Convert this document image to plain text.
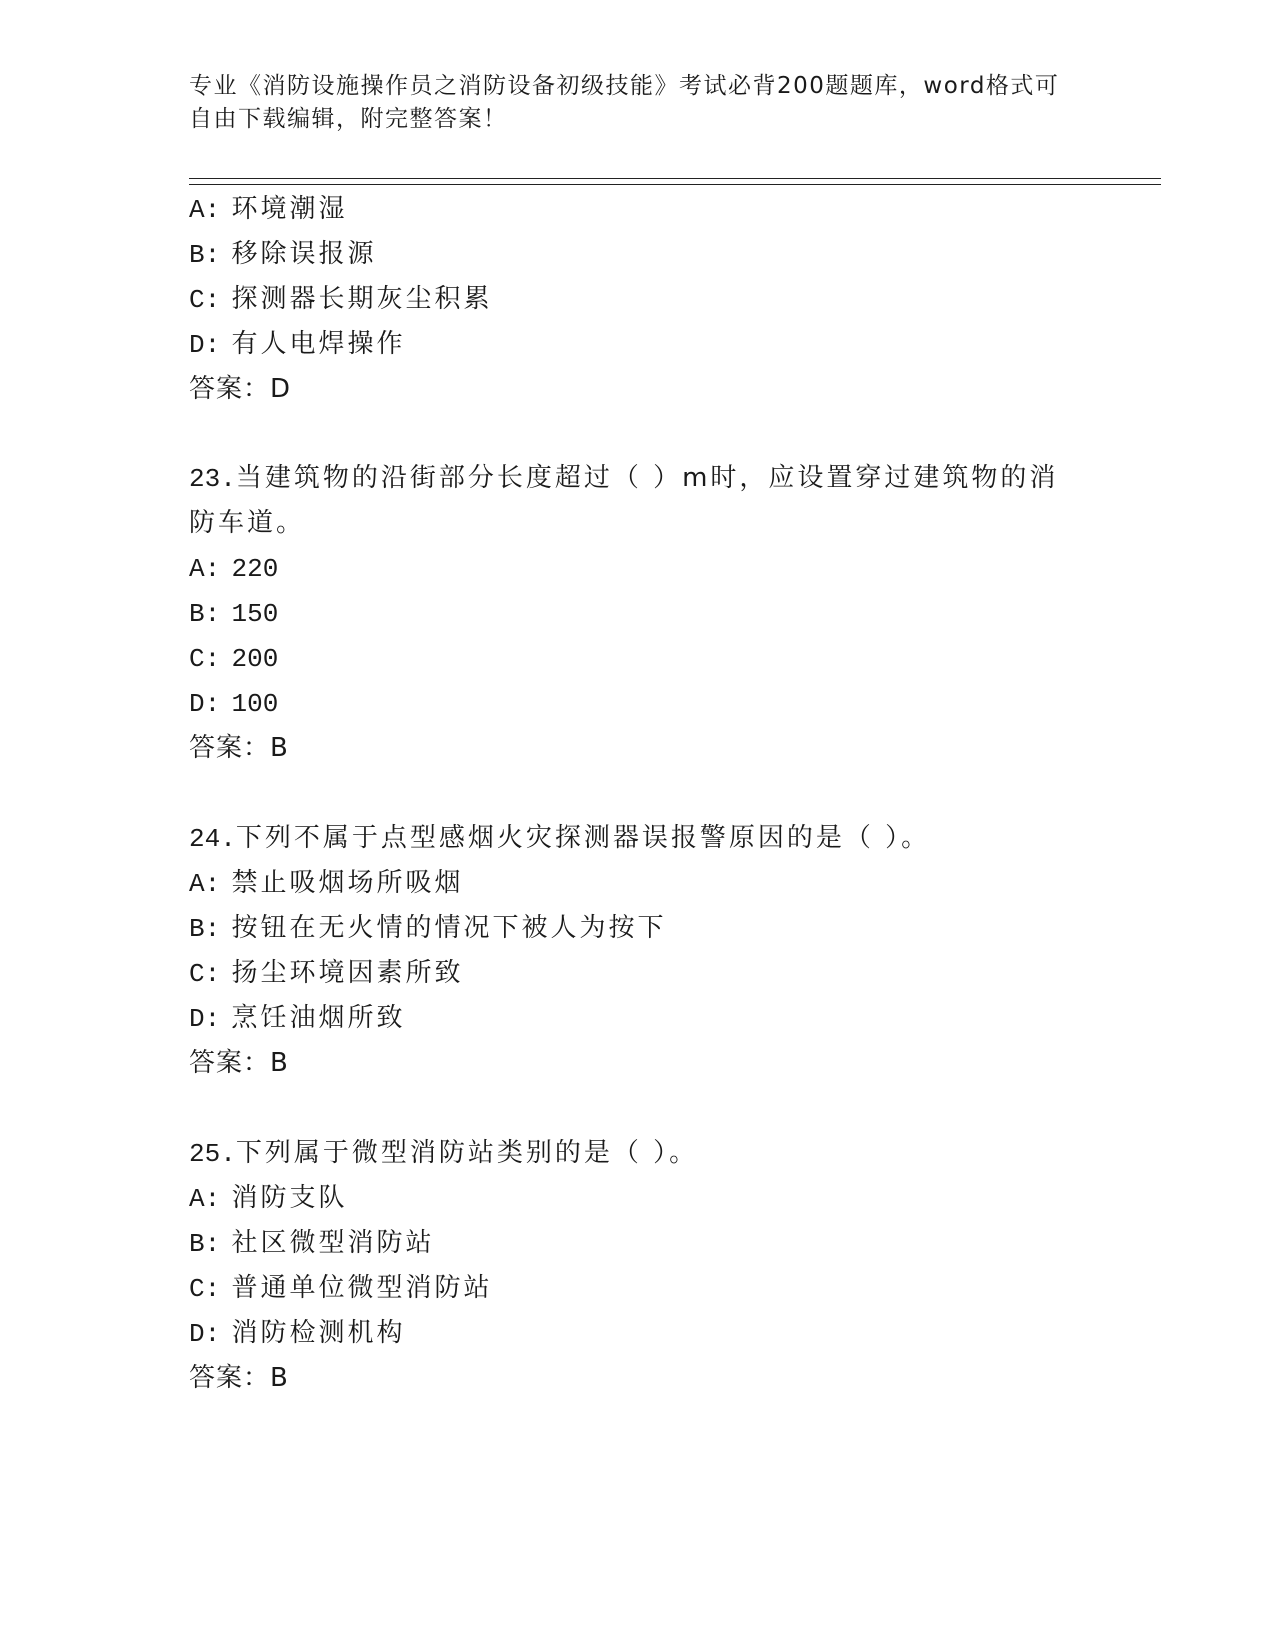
专业《消防设施操作员之消防设备初级技能》考试必背200题题库，word格式可

自由下载编辑，附完整答案！

A: 环境潮湿
B: 移除误报源
C: 探测器长期灰尘积累
D: 有人电焊操作
答案：D
23.当建筑物的沿街部分长度超过（ ）m时，应设置穿过建筑物的消
防车道。
A: 220
B: 150
C: 200
D: 100
答案：B
24.下列不属于点型感烟火灾探测器误报警原因的是（ ）。
A: 禁止吸烟场所吸烟
B: 按钮在无火情的情况下被人为按下
C: 扬尘环境因素所致
D: 烹饪油烟所致
答案：B
25.下列属于微型消防站类别的是（ ）。
A: 消防支队
B: 社区微型消防站
C: 普通单位微型消防站
D: 消防检测机构
答案：B
